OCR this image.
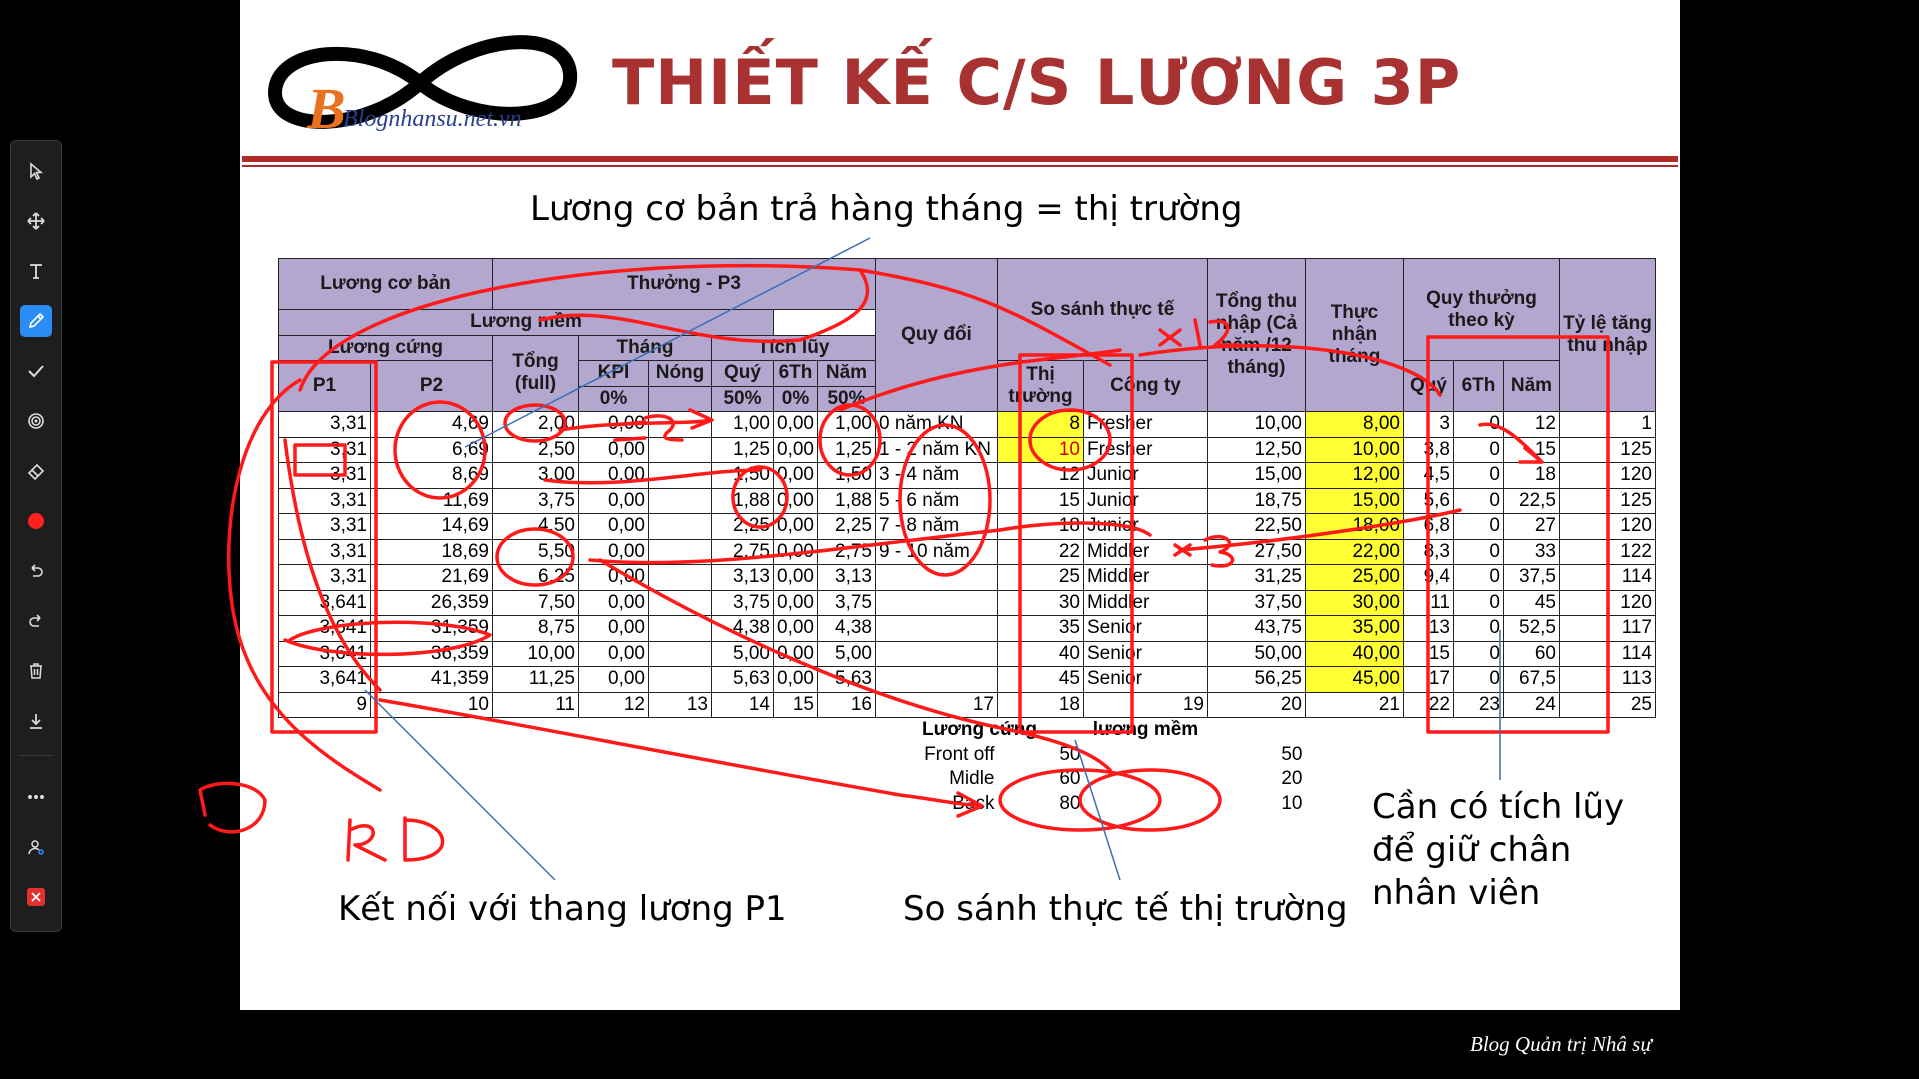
B
Blognhansu.net.vn THIẾT KẾ C/S LƯƠNG 3P
Lương cơ bản trả hàng tháng = thị trường
Lương cơ bản		Thưởng - P3						Quy đổi	So sánh thực tế		Tổng thu nhập (Cả năm /12 tháng)	Thực nhận tháng	Quy thưởng theo kỳ			Tỷ lệ tăng thu nhập
Lương mềm																
Lương cứng		Tổng (full)	Tháng		Tích lũy											
P1	P2		KPI	Nóng	Quý	6Th	Năm		Thị trường	Công ty			Quý	6Th	Năm	
			0%		50%	0%	50%									
3,31	4,69	2,00	0,00		1,00	0,00	1,00	0 năm KN	8	Fresher	10,00	8,00	3	0	12	1
3,31	6,69	2,50	0,00		1,25	0,00	1,25	1 - 2 năm KN	10	Fresher	12,50	10,00	3,8	0	15	125
3,31	8,69	3,00	0,00		1,50	0,00	1,50	3 - 4 năm	12	Junior	15,00	12,00	4,5	0	18	120
3,31	11,69	3,75	0,00		1,88	0,00	1,88	5 - 6 năm	15	Junior	18,75	15,00	5,6	0	22,5	125
3,31	14,69	4,50	0,00		2,25	0,00	2,25	7 - 8 năm	18	Junior	22,50	18,00	6,8	0	27	120
3,31	18,69	5,50	0,00		2,75	0,00	2,75	9 - 10 năm	22	Middler	27,50	22,00	8,3	0	33	122
3,31	21,69	6,25	0,00		3,13	0,00	3,13		25	Middler	31,25	25,00	9,4	0	37,5	114
3,641	26,359	7,50	0,00		3,75	0,00	3,75		30	Middler	37,50	30,00	11	0	45	120
3,641	31,359	8,75	0,00		4,38	0,00	4,38		35	Senior	43,75	35,00	13	0	52,5	117
3,641	36,359	10,00	0,00		5,00	0,00	5,00		40	Senior	50,00	40,00	15	0	60	114
3,641	41,359	11,25	0,00		5,63	0,00	5,63		45	Senior	56,25	45,00	17	0	67,5	113
9	10	11	12	13	14	15	16	17	18	19	20	21	22	23	24	25
								Lương cứng		lương mềm						
								Front off	50		50					
								Midle	60		20					
								Back	80		10					
Kết nối với thang lương P1	So sánh thực tế thị trường
Cần có tích lũy
để giữ chân
nhân viên
Blog Quản trị Nhâ sự
